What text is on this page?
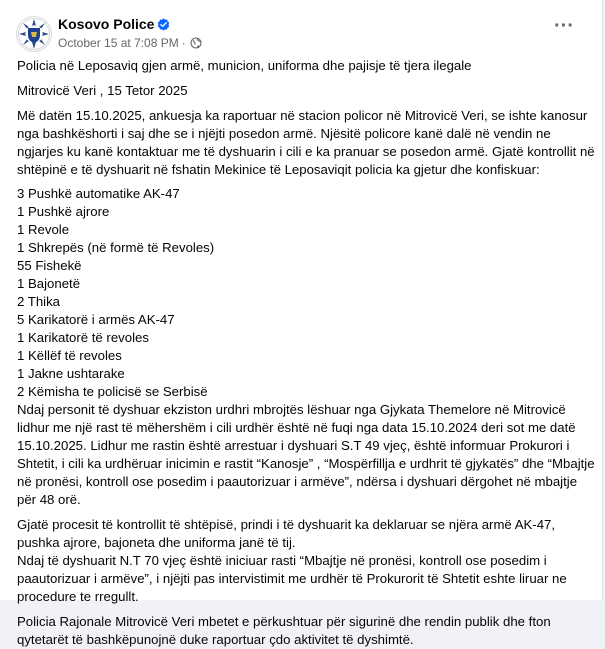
Kosovo Police
October 15 at 7:08 PM ·
···

Policia në Leposaviq gjen armë, municion, uniforma dhe pajisje të tjera ilegale

Mitrovicë Veri , 15 Tetor 2025

Më datën 15.10.2025, ankuesja ka raportuar në stacion policor në Mitrovicë Veri, se ishte kanosur nga bashkëshorti i saj dhe se i njëjti posedon armë. Njësitë policore kanë dalë në vendin ne ngjarjes ku kanë kontaktuar me të dyshuarin i cili e ka pranuar se posedon armë. Gjatë kontrollit në shtëpinë e të dyshuarit në fshatin Mekinice të Leposaviqit policia ka gjetur dhe konfiskuar:

3 Pushkë automatike AK-47

1 Pushkë ajrore

1 Revole

1 Shkrepës (në formë të Revoles)

55 Fishekë

1 Bajonetë

2 Thika

5 Karikatorë i armës AK-47

1 Karikatorë të revoles

1 Këllëf të revoles

1 Jakne ushtarake

2 Këmisha te policisë se Serbisë

Ndaj personit të dyshuar ekziston urdhri mbrojtës lëshuar nga Gjykata Themelore në Mitrovicë lidhur me një rast të mëhershëm i cili urdhër është në fuqi nga data 15.10.2024 deri sot me datë 15.10.2025. Lidhur me rastin është arrestuar i dyshuari S.T 49 vjeç, është informuar Prokurori i Shtetit, i cili ka urdhëruar inicimin e rastit “Kanosje” , “Mospërfillja e urdhrit të gjykatës” dhe “Mbajtje në pronësi, kontroll ose posedim i paautorizuar i armëve”, ndërsa i dyshuari dërgohet në mbajtje për 48 orë.

Gjatë procesit të kontrollit të shtëpisë, prindi i të dyshuarit ka deklaruar se njëra armë AK-47, pushka ajrore, bajoneta dhe uniforma janë të tij.

Ndaj të dyshuarit N.T 70 vjeç është iniciuar rasti “Mbajtje në pronësi, kontroll ose posedim i paautorizuar i armëve”, i njëjti pas intervistimit me urdhër të Prokurorit të Shtetit eshte liruar ne procedure te rregullt.

Policia Rajonale Mitrovicë Veri mbetet e përkushtuar për sigurinë dhe rendin publik dhe fton qytetarët të bashkëpunojnë duke raportuar çdo aktivitet të dyshimtë.
